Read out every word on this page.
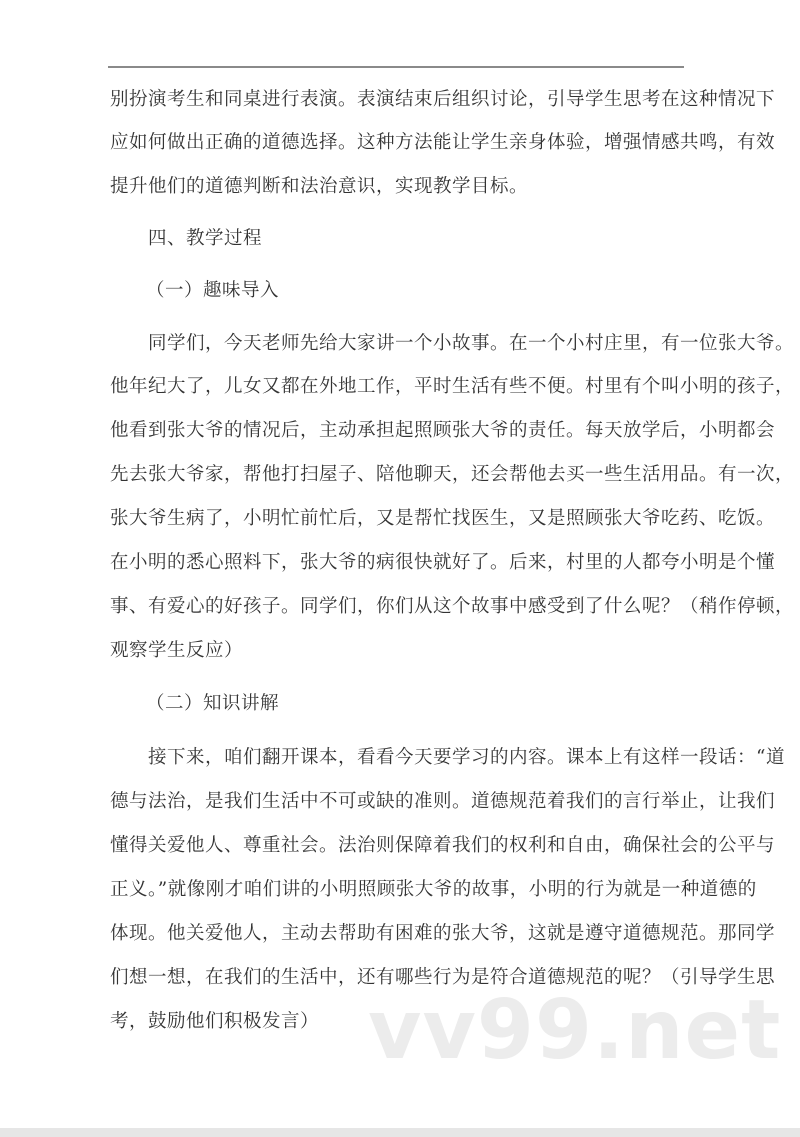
别扮演考生和同桌进行表演。表演结束后组织讨论，引导学生思考在这种情况下
应如何做出正确的道德选择。这种方法能让学生亲身体验，增强情感共鸣，有效
提升他们的道德判断和法治意识，实现教学目标。
四、教学过程
（一）趣味导入
同学们，今天老师先给大家讲一个小故事。在一个小村庄里，有一位张大爷。
他年纪大了，儿女又都在外地工作，平时生活有些不便。村里有个叫小明的孩子，
他看到张大爷的情况后，主动承担起照顾张大爷的责任。每天放学后，小明都会
先去张大爷家，帮他打扫屋子、陪他聊天，还会帮他去买一些生活用品。有一次，
张大爷生病了，小明忙前忙后，又是帮忙找医生，又是照顾张大爷吃药、吃饭。
在小明的悉心照料下，张大爷的病很快就好了。后来，村里的人都夸小明是个懂
事、有爱心的好孩子。同学们，你们从这个故事中感受到了什么呢？（稍作停顿，
观察学生反应）
（二）知识讲解
接下来，咱们翻开课本，看看今天要学习的内容。课本上有这样一段话：“道
德与法治，是我们生活中不可或缺的准则。道德规范着我们的言行举止，让我们
懂得关爱他人、尊重社会。法治则保障着我们的权利和自由，确保社会的公平与
正义。”就像刚才咱们讲的小明照顾张大爷的故事，小明的行为就是一种道德的
体现。他关爱他人，主动去帮助有困难的张大爷，这就是遵守道德规范。那同学
们想一想，在我们的生活中，还有哪些行为是符合道德规范的呢？（引导学生思
考，鼓励他们积极发言） vv99.net
